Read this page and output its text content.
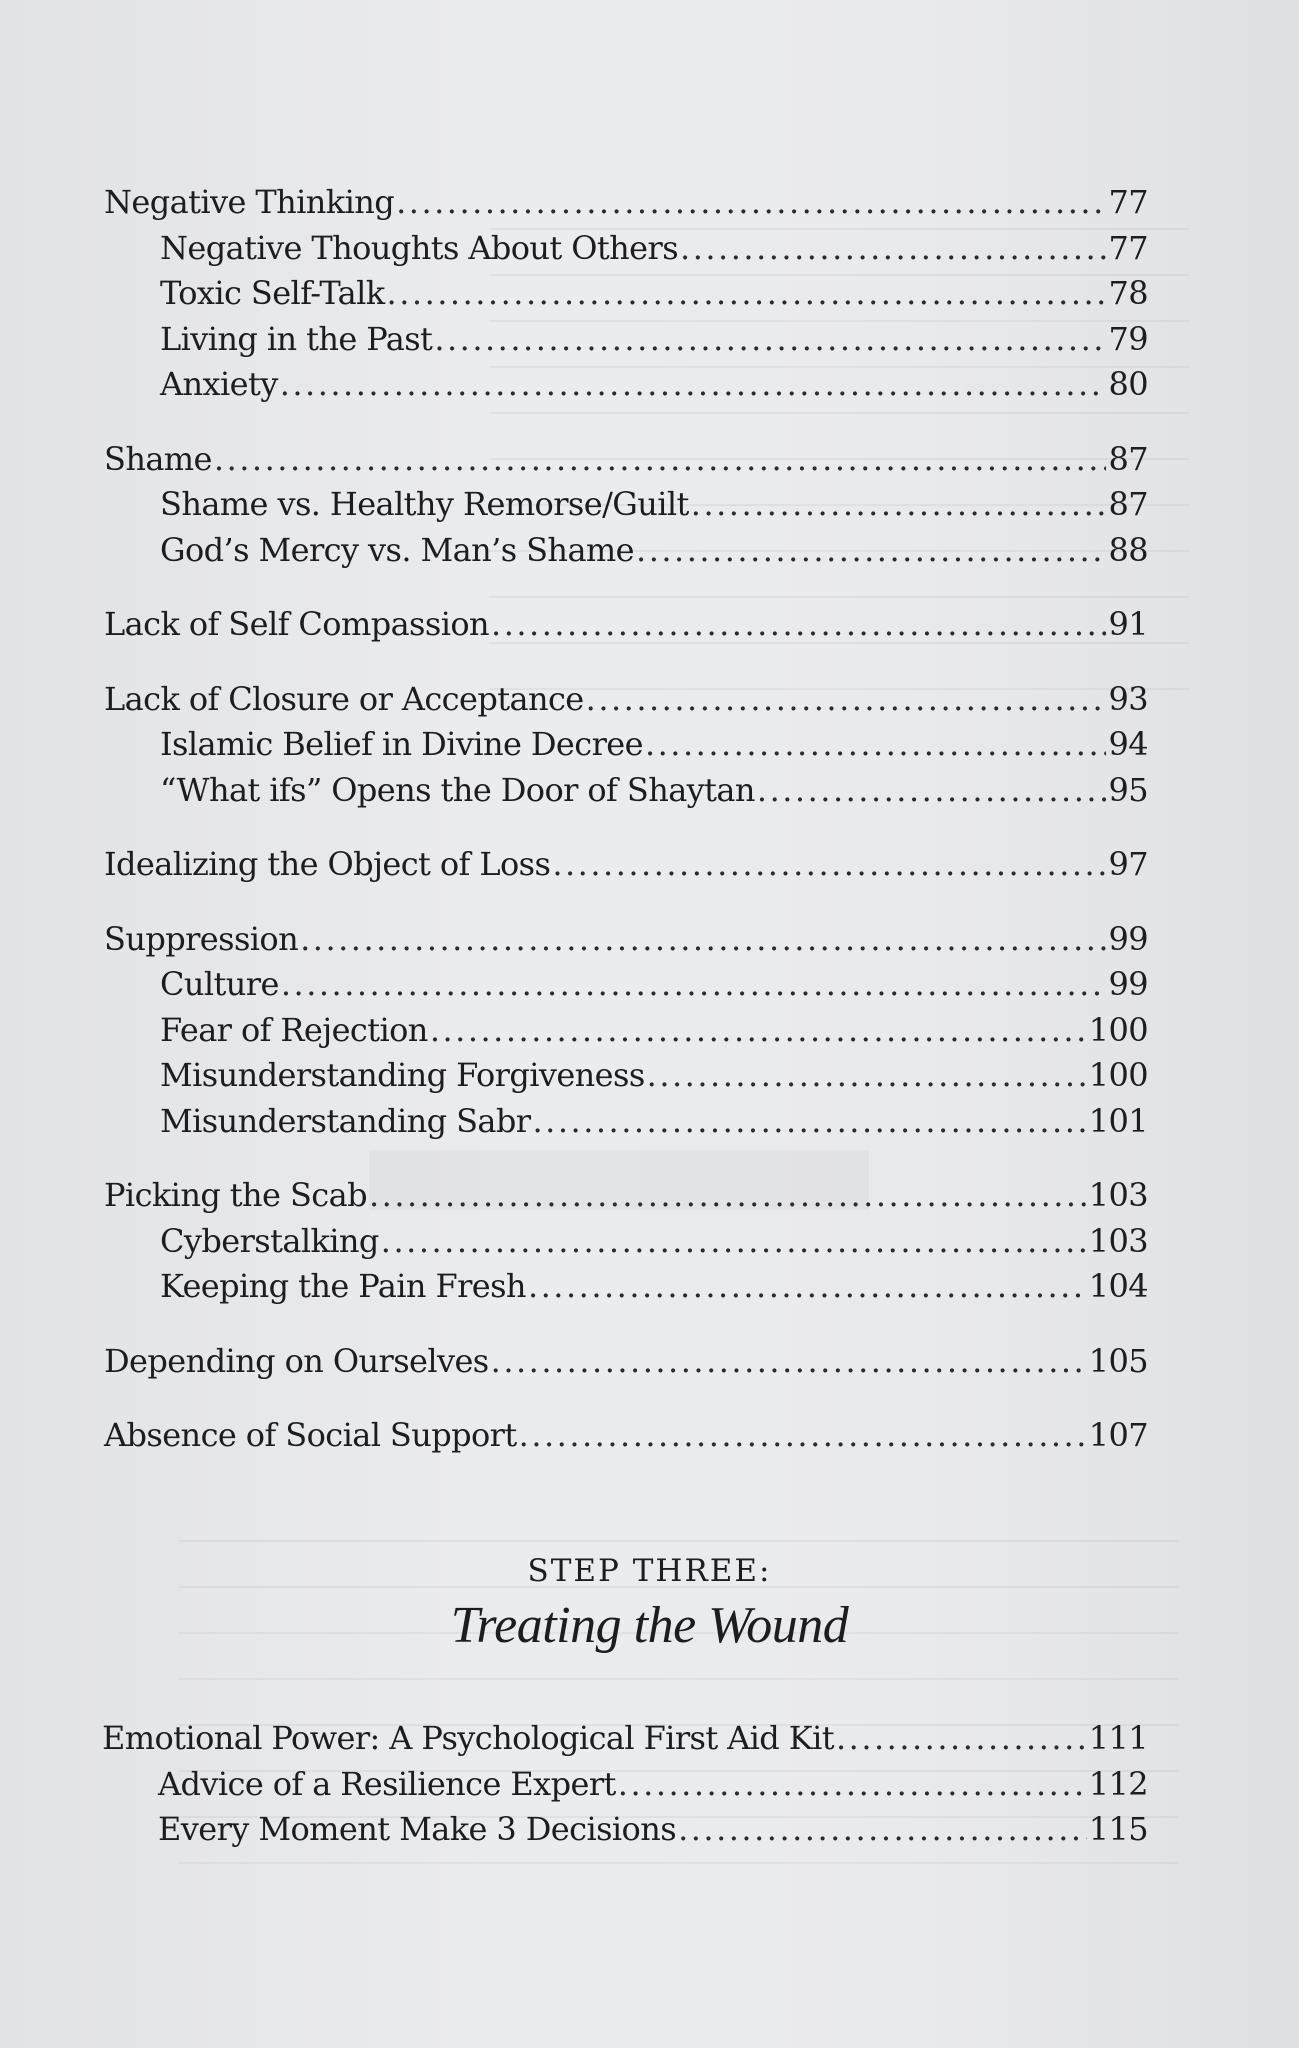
Negative Thinking .....	77
Negative Thoughts About Others .....	77
Toxic Self-Talk .....	78
Living in the Past .....	79
Anxiety .....	80
Shame .....	87
Shame vs. Healthy Remorse/Guilt .....	87
God’s Mercy vs. Man’s Shame .....	88
Lack of Self Compassion .....	91
Lack of Closure or Acceptance .....	93
Islamic Belief in Divine Decree .....	94
“What ifs” Opens the Door of Shaytan .....	95
Idealizing the Object of Loss .....	97
Suppression .....	99
Culture .....	99
Fear of Rejection .....	100
Misunderstanding Forgiveness .....	100
Misunderstanding Sabr .....	101
Picking the Scab .....	103
Cyberstalking .....	103
Keeping the Pain Fresh .....	104
Depending on Ourselves .....	105
Absence of Social Support .....	107
STEP THREE:
Treating the Wound
Emotional Power: A Psychological First Aid Kit .....	111
Advice of a Resilience Expert .....	112
Every Moment Make 3 Decisions .....	115
